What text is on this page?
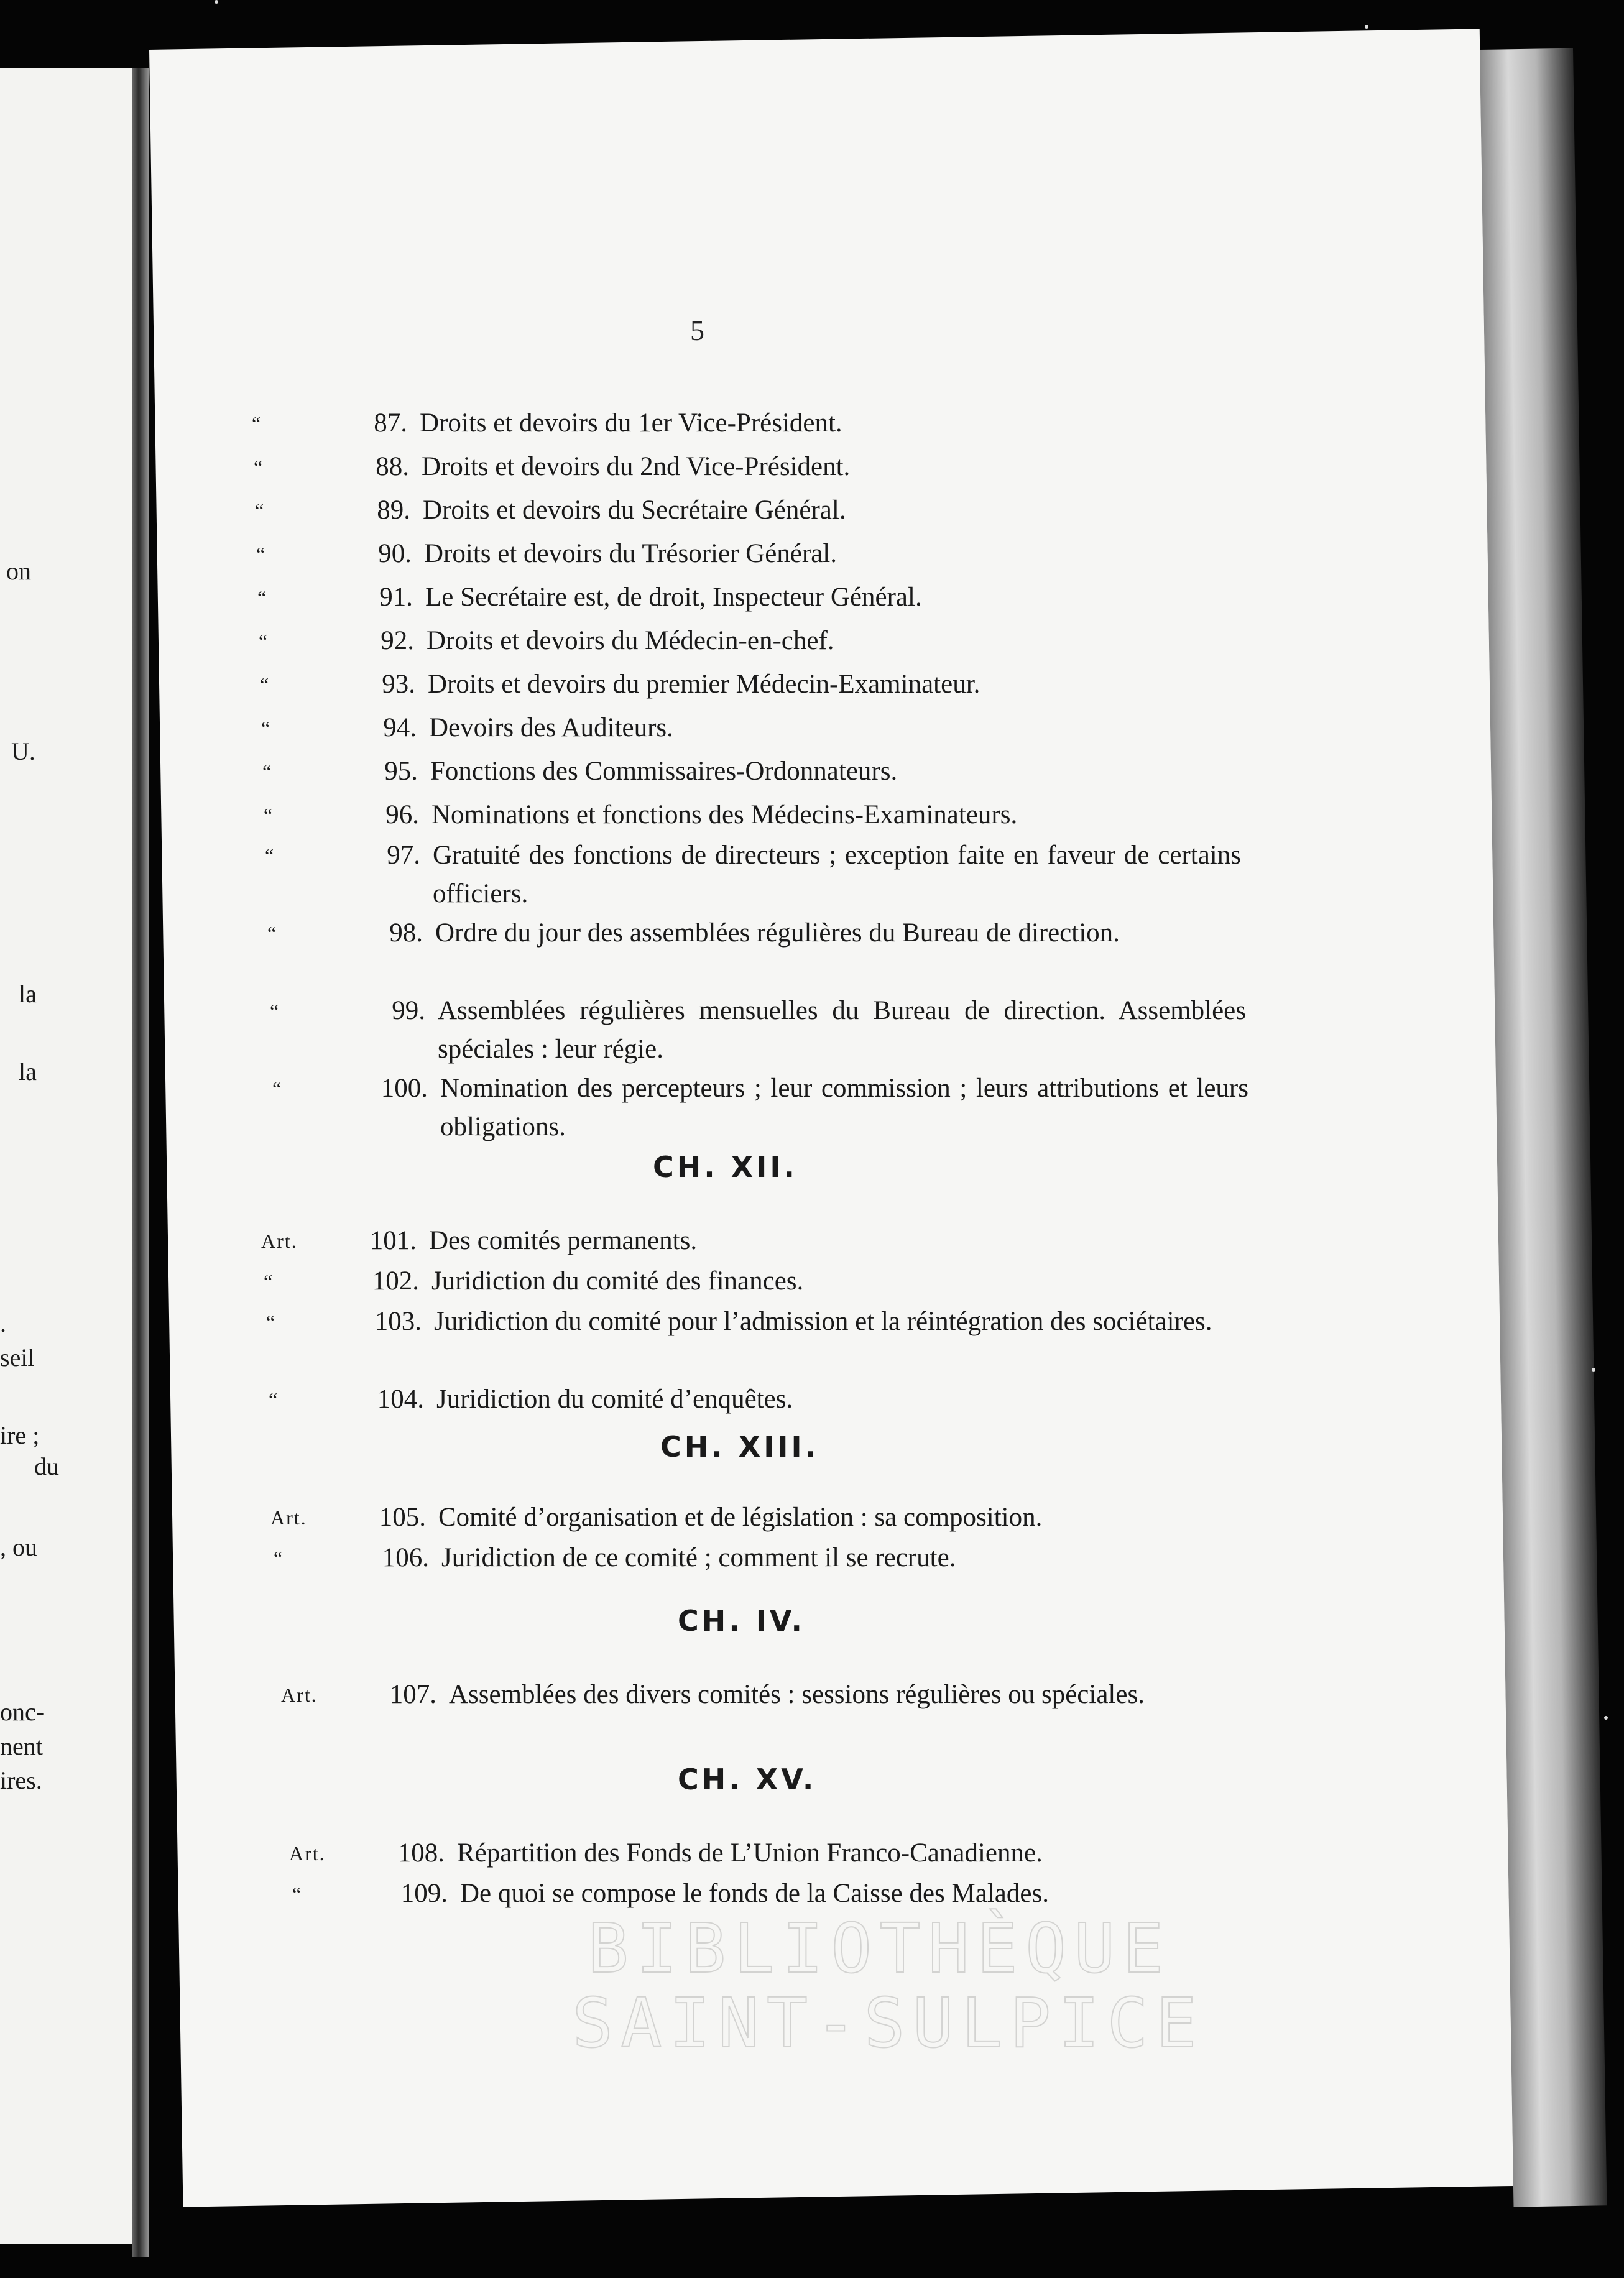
on
U.
la
la
.
seil
ire ;
du
, ou
onc-
nent
ires.
5
“	87. Droits et devoirs du 1er Vice-Président.
“	88. Droits et devoirs du 2nd Vice-Président.
“	89. Droits et devoirs du Secrétaire Général.
“	90. Droits et devoirs du Trésorier Général.
“	91. Le Secrétaire est, de droit, Inspecteur Général.
“	92. Droits et devoirs du Médecin-en-chef.
“	93. Droits et devoirs du premier Médecin-Examinateur.
“	94. Devoirs des Auditeurs.
“	95. Fonctions des Commissaires-Ordonnateurs.
“	96. Nominations et fonctions des Médecins-Examinateurs.
“	97. Gratuité des fonctions de directeurs ; exception faite en faveur de certains officiers.
“	98. Ordre du jour des assemblées régulières du Bureau de direction.
“	99. Assemblées régulières mensuelles du Bureau de direction. Assemblées spéciales : leur régie.
“	100. Nomination des percepteurs ; leur commission ; leurs attributions et leurs obligations.
CH. XII.
Art.	101. Des comités permanents.
“	102. Juridiction du comité des finances.
“	103. Juridiction du comité pour l’admission et la réintégration des sociétaires.
“	104. Juridiction du comité d’enquêtes.
CH. XIII.
Art.	105. Comité d’organisation et de législation : sa composition.
“	106. Juridiction de ce comité ; comment il se recrute.
CH. IV.
Art.	107. Assemblées des divers comités : sessions régulières ou spéciales.
CH. XV.
Art.	108. Répartition des Fonds de L’Union Franco-Canadienne.
“	109. De quoi se compose le fonds de la Caisse des Malades.
BIBLIOTHÈQUE
SAINT-SULPICE
